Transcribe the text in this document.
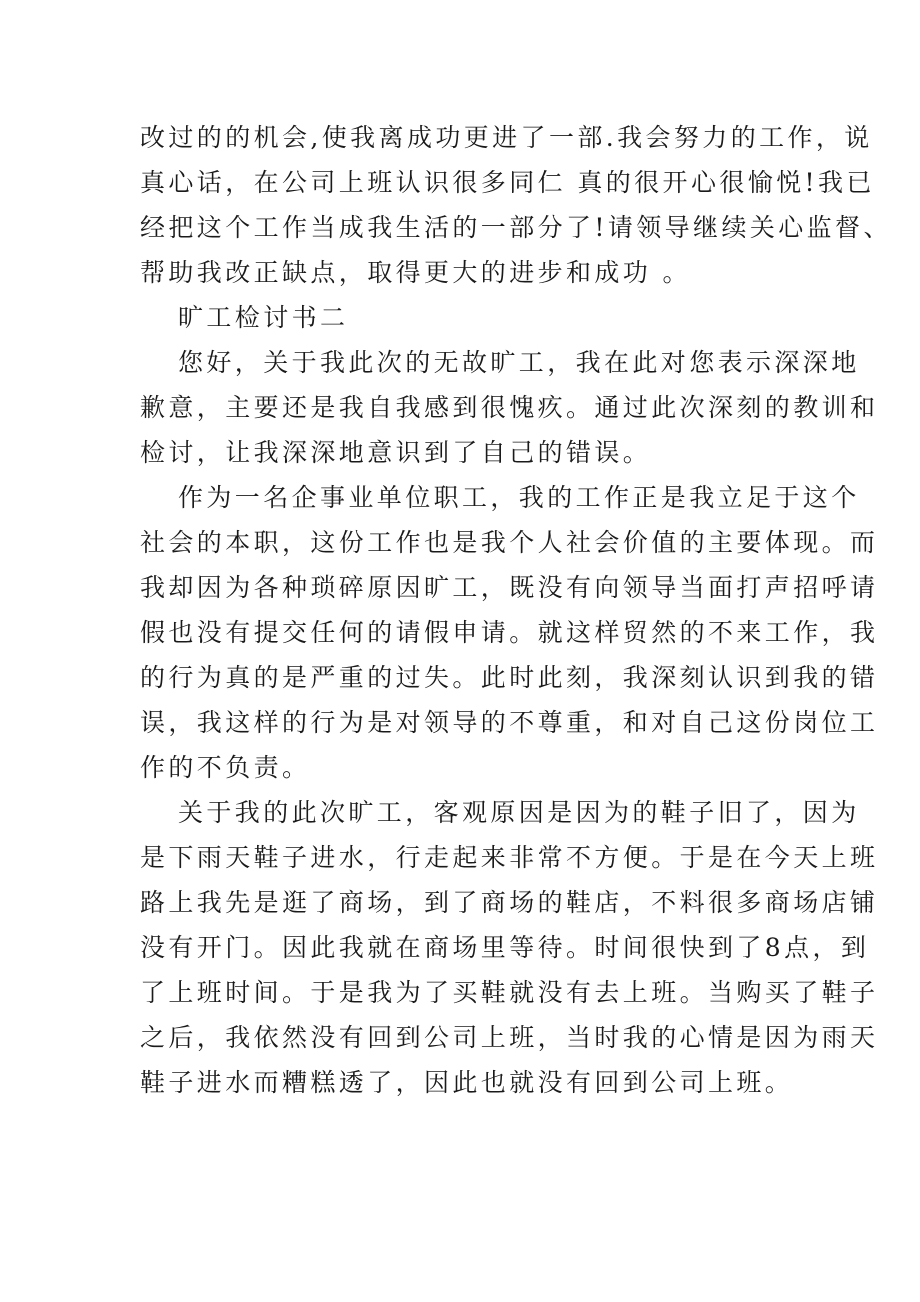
改过的的机会,使我离成功更进了一部.我会努力的工作，说
真心话，在公司上班认识很多同仁 真的很开心很愉悦!我已
经把这个工作当成我生活的一部分了!请领导继续关心监督、
帮助我改正缺点，取得更大的进步和成功 。
旷工检讨书二
您好，关于我此次的无故旷工，我在此对您表示深深地
歉意，主要还是我自我感到很愧疚。通过此次深刻的教训和
检讨，让我深深地意识到了自己的错误。
作为一名企事业单位职工，我的工作正是我立足于这个
社会的本职，这份工作也是我个人社会价值的主要体现。而
我却因为各种琐碎原因旷工，既没有向领导当面打声招呼请
假也没有提交任何的请假申请。就这样贸然的不来工作，我
的行为真的是严重的过失。此时此刻，我深刻认识到我的错
误，我这样的行为是对领导的不尊重，和对自己这份岗位工
作的不负责。
关于我的此次旷工，客观原因是因为的鞋子旧了，因为
是下雨天鞋子进水，行走起来非常不方便。于是在今天上班
路上我先是逛了商场，到了商场的鞋店，不料很多商场店铺
没有开门。因此我就在商场里等待。时间很快到了8点，到
了上班时间。于是我为了买鞋就没有去上班。当购买了鞋子
之后，我依然没有回到公司上班，当时我的心情是因为雨天
鞋子进水而糟糕透了，因此也就没有回到公司上班。
